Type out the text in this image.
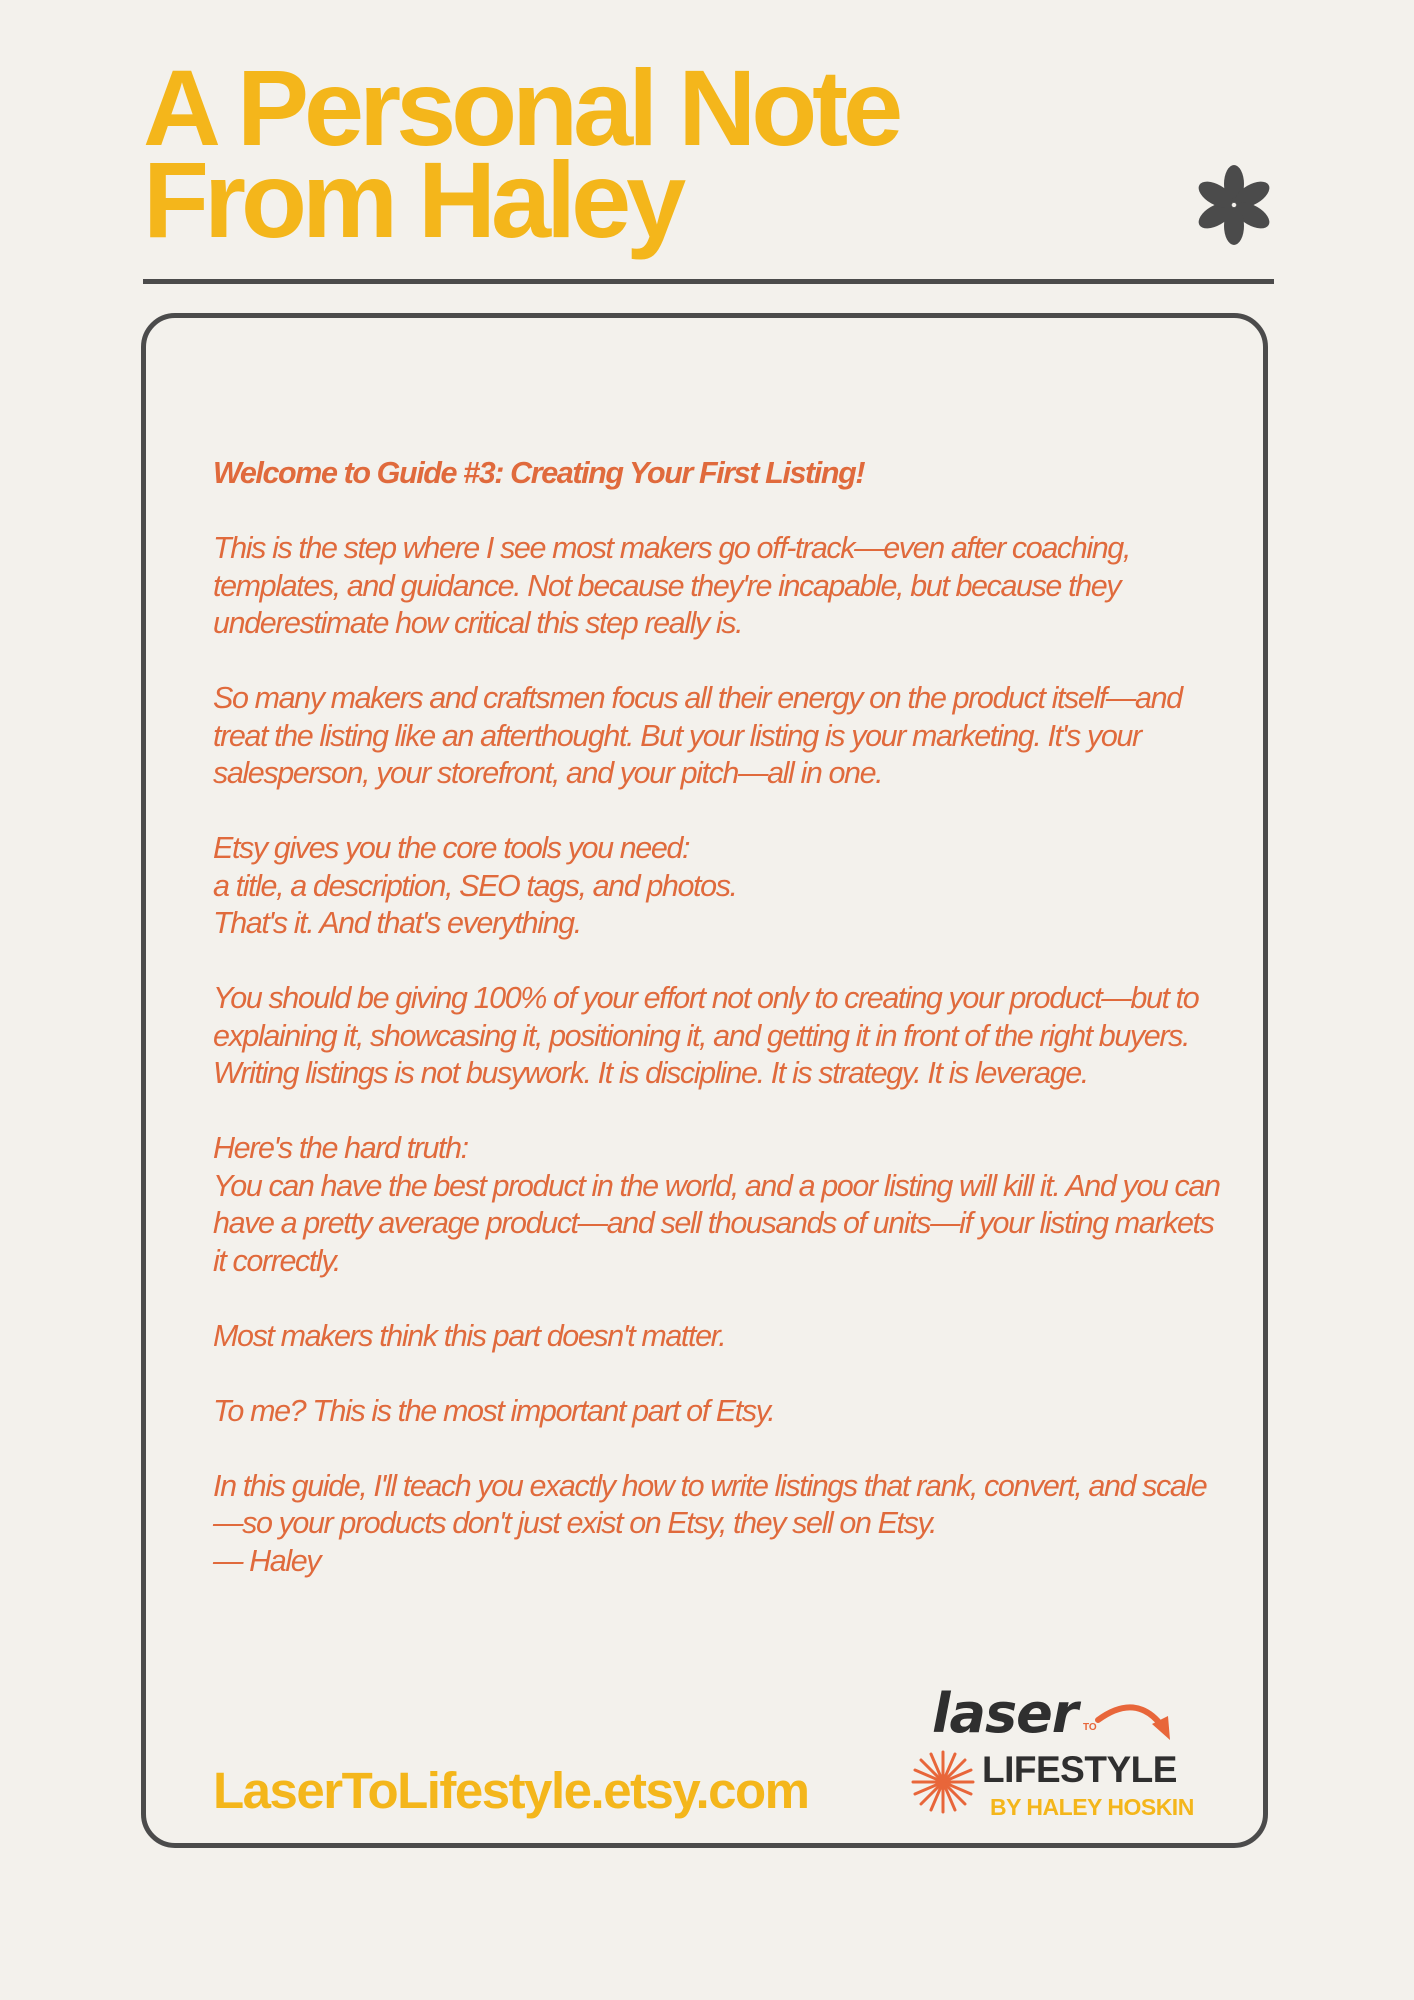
A Personal Note
From Haley

Welcome to Guide #3: Creating Your First Listing!

This is the step where I see most makers go off-track—even after coaching, templates, and guidance. Not because they're incapable, but because they underestimate how critical this step really is.

So many makers and craftsmen focus all their energy on the product itself—and treat the listing like an afterthought. But your listing is your marketing. It's your salesperson, your storefront, and your pitch—all in one.

Etsy gives you the core tools you need:
a title, a description, SEO tags, and photos.
That's it. And that's everything.

You should be giving 100% of your effort not only to creating your product—but to explaining it, showcasing it, positioning it, and getting it in front of the right buyers. Writing listings is not busywork. It is discipline. It is strategy. It is leverage.

Here's the hard truth:
You can have the best product in the world, and a poor listing will kill it. And you can have a pretty average product—and sell thousands of units—if your listing markets it correctly.

Most makers think this part doesn't matter.

To me? This is the most important part of Etsy.

In this guide, I'll teach you exactly how to write listings that rank, convert, and scale—so your products don't just exist on Etsy, they sell on Etsy.
— Haley

LaserToLifestyle.etsy.com
laser TO
LIFESTYLE
BY HALEY HOSKIN
